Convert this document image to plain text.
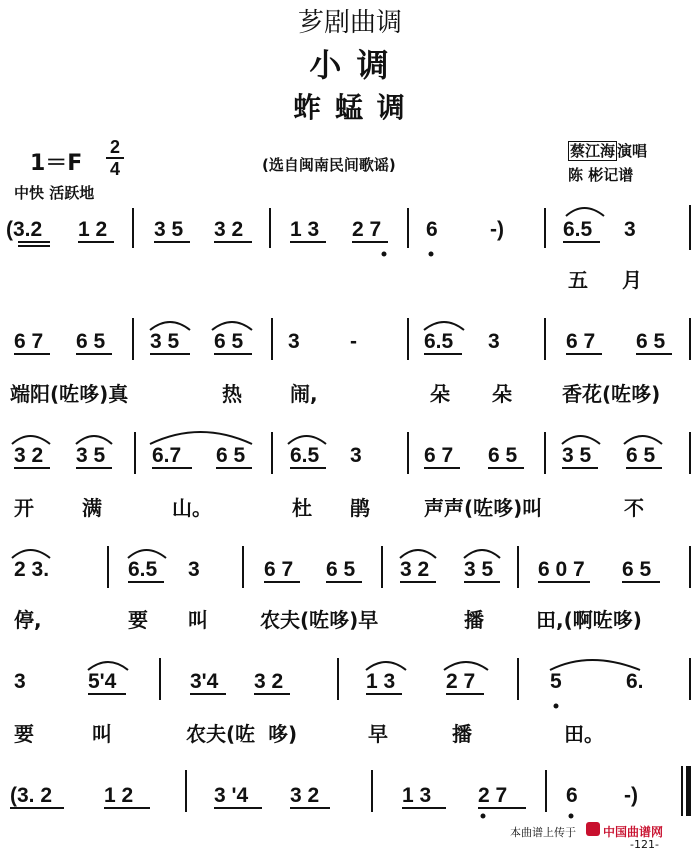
芗剧曲调
小 调
蚱 蜢 调
1＝F
2
4
中快 活跃地
(选自闽南民间歌谣)
蔡江海 演唱
陈 彬记谱
(3.2 1 2 3 5 3 2 1 3 2 7 6 -)	6.5 3
五 月
6 7 6 5 3 5 6 5 3 -	6.5 3	6 7 6 5
端阳(咗哆)真	热 闹,	朵 朵	香花(咗哆)
3 2 3 5 6.7 6 5 6.5 3	6 7 6 5 3 5 6 5
开 满	山。	杜 鹃	声声(咗哆)叫	不
2 3.	6.5 3	6 7 6 5 3 2 3 5 6 0 7 6 5
停,	要 叫	农夫(咗哆)早	播	田,(啊咗哆)
3	5'4	3'4 3 2	1 3 2 7	5	6.
要	叫	农夫(咗 哆)	早	播	田。
(3. 2 1 2	3 '4 3 2	1 3 2 7	6 -)
本曲谱上传于 中国曲谱网
-121-
